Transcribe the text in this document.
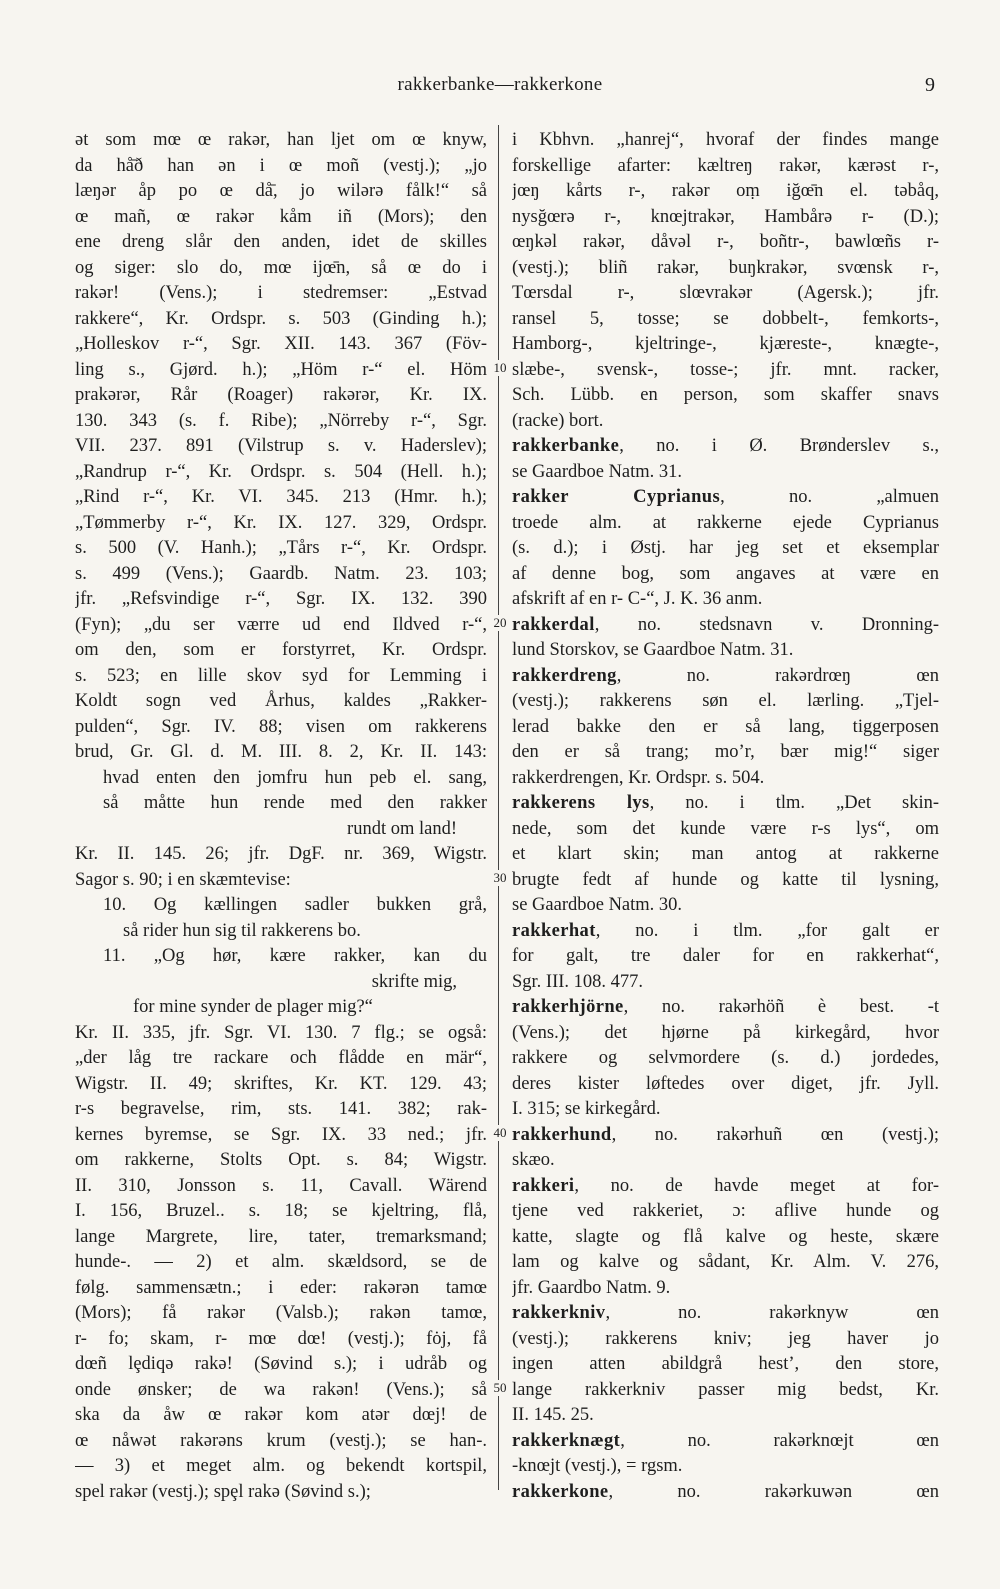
rakkerbanke—rakkerkone	9
ət som mœ œ rakər, han ljet om œ knyw,
da hå̄ð han ən i œ moñ (vestj.); „jo
læŋər åp po œ då̄, jo wilərə fålk!“ så
œ mañ, œ rakər kåm iñ (Mors); den
ene dreng slår den anden, idet de skilles
og siger: slo do, mœ ijœ̄n, så œ do i
rakər! (Vens.); i stedremser: „Estvad
rakkere“, Kr. Ordspr. s. 503 (Ginding h.);
„Holleskov r-“, Sgr. XII. 143. 367 (Föv-
ling s., Gjørd. h.); „Höm r-“ el. Höm
prakərər, Rår (Roager) rakərər, Kr. IX.
130. 343 (s. f. Ribe); „Nörreby r-“, Sgr.
VII. 237. 891 (Vilstrup s. v. Haderslev);
„Randrup r-“, Kr. Ordspr. s. 504 (Hell. h.);
„Rind r-“, Kr. VI. 345. 213 (Hmr. h.);
„Tømmerby r-“, Kr. IX. 127. 329, Ordspr.
s. 500 (V. Hanh.); „Tårs r-“, Kr. Ordspr.
s. 499 (Vens.); Gaardb. Natm. 23. 103;
jfr. „Refsvindige r-“, Sgr. IX. 132. 390
(Fyn); „du ser værre ud end Ildved r-“,
om den, som er forstyrret, Kr. Ordspr.
s. 523; en lille skov syd for Lemming i
Koldt sogn ved Århus, kaldes „Rakker-
pulden“, Sgr. IV. 88; visen om rakkerens
brud, Gr. Gl. d. M. III. 8. 2, Kr. II. 143:
hvad enten den jomfru hun peb el. sang,
så måtte hun rende med den rakker
rundt om land!
Kr. II. 145. 26; jfr. DgF. nr. 369, Wigstr.
Sagor s. 90; i en skæmtevise:
10. Og kællingen sadler bukken grå,
så rider hun sig til rakkerens bo.
11. „Og hør, kære rakker, kan du
skrifte mig,
for mine synder de plager mig?“
Kr. II. 335, jfr. Sgr. VI. 130. 7 flg.; se også:
„der låg tre rackare och flådde en mär“,
Wigstr. II. 49; skriftes, Kr. KT. 129. 43;
r-s begravelse, rim, sts. 141. 382; rak-
kernes byremse, se Sgr. IX. 33 ned.; jfr.
om rakkerne, Stolts Opt. s. 84; Wigstr.
II. 310, Jonsson s. 11, Cavall. Wärend
I. 156, Bruzel.. s. 18; se kjeltring, flå,
lange Margrete, lire, tater, tremarksmand;
hunde-. — 2) et alm. skældsord, se de
følg. sammensætn.; i eder: rakərən tamœ
(Mors); få rakər (Valsb.); rakən tamœ,
r- fo; skam, r- mœ dœ! (vestj.); fȯj, få
dœñ lȩdiqə rakə! (Søvind s.); i udråb og
onde ønsker; de wa rakən! (Vens.); så
ska da åw œ rakər kom atər dœj! de
œ nåwət rakərəns krum (vestj.); se han-.
— 3) et meget alm. og bekendt kortspil,
spel rakər (vestj.); spȩl rakə (Søvind s.);
i Kbhvn. „hanrej“, hvoraf der findes mange
forskellige afarter: kæltreŋ rakər, kærəst r-,
jœŋ kårts r-, rakər oṃ iğœ̄n el. təbåq,
nysğœrə r-, knœjtrakər, Hambårə r- (D.);
œŋkəl rakər, dåvəl r-, boñtr-, bawlœñs r-
(vestj.); bliñ rakər, buŋkrakər, svœnsk r-,
Tœrsdal r-, slœvrakər (Agersk.); jfr.
ransel 5, tosse; se dobbelt-, femkorts-,
Hamborg-, kjeltringe-, kjæreste-, knægte-,
slæbe-, svensk-, tosse-; jfr. mnt. racker,
Sch. Lübb. en person, som skaffer snavs
(racke) bort.
rakkerbanke, no. i Ø. Brønderslev s.,
se Gaardboe Natm. 31.
rakker Cyprianus, no. „almuen
troede alm. at rakkerne ejede Cyprianus
(s. d.); i Østj. har jeg set et eksemplar
af denne bog, som angaves at være en
afskrift af en r- C-“, J. K. 36 anm.
rakkerdal, no. stedsnavn v. Dronning-
lund Storskov, se Gaardboe Natm. 31.
rakkerdreng, no. rakərdrœŋ œn
(vestj.); rakkerens søn el. lærling. „Tjel-
lerad bakke den er så lang, tiggerposen
den er så trang; mo’r, bær mig!“ siger
rakkerdrengen, Kr. Ordspr. s. 504.
rakkerens lys, no. i tlm. „Det skin-
nede, som det kunde være r-s lys“, om
et klart skin; man antog at rakkerne
brugte fedt af hunde og katte til lysning,
se Gaardboe Natm. 30.
rakkerhat, no. i tlm. „for galt er
for galt, tre daler for en rakkerhat“,
Sgr. III. 108. 477.
rakkerhjörne, no. rakərhöñ è best. -t
(Vens.); det hjørne på kirkegård, hvor
rakkere og selvmordere (s. d.) jordedes,
deres kister løftedes over diget, jfr. Jyll.
I. 315; se kirkegård.
rakkerhund, no. rakərhuñ œn (vestj.);
skæo.
rakkeri, no. de havde meget at for-
tjene ved rakkeriet, ɔ: aflive hunde og
katte, slagte og flå kalve og heste, skære
lam og kalve og sådant, Kr. Alm. V. 276,
jfr. Gaardbo Natm. 9.
rakkerkniv, no. rakərknyw œn
(vestj.); rakkerens kniv; jeg haver jo
ingen atten abildgrå hest’, den store,
lange rakkerkniv passer mig bedst, Kr.
II. 145. 25.
rakkerknægt, no. rakərknœjt œn
-knœjt (vestj.), = rgsm.
rakkerkone, no. rakərkuwən œn
10
20
30
40
50
